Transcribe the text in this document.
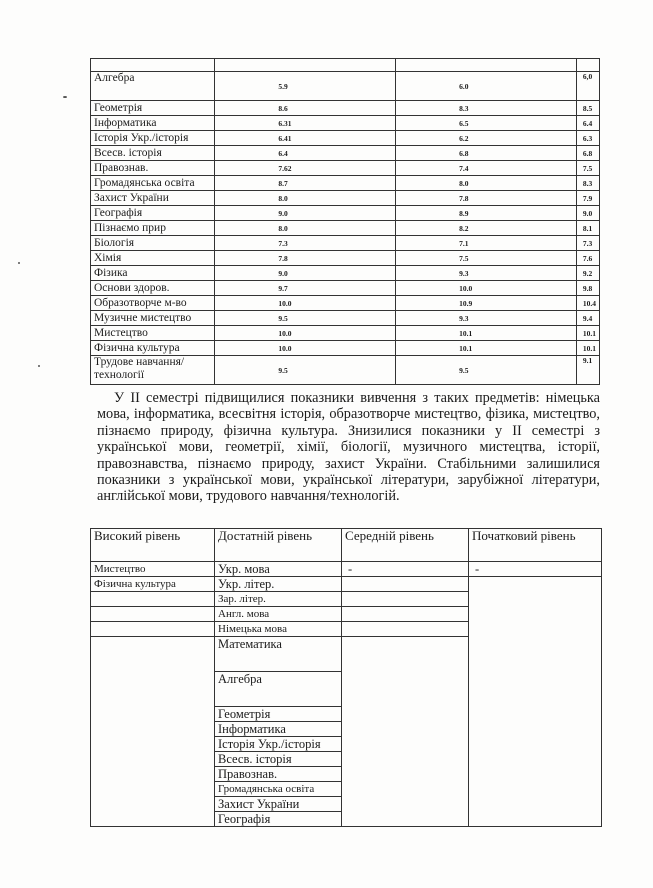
Алгебра	5.9	6.0	6,0
Геометрія	8.6	8.3	8.5
Інформатика	6.31	6.5	6.4
Історія Укр./історія	6.41	6.2	6.3
Всесв. історія	6.4	6.8	6.8
Правознав.	7.62	7.4	7.5
Громадянська освіта	8.7	8.0	8.3
Захист України	8.0	7.8	7.9
Географія	9.0	8.9	9.0
Пізнаємо прир	8.0	8.2	8.1
Біологія	7.3	7.1	7.3
Хімія	7.8	7.5	7.6
Фізика	9.0	9.3	9.2
Основи здоров.	9.7	10.0	9.8
Образотворче м-во	10.0	10.9	10.4
Музичне мистецтво	9.5	9.3	9.4
Мистецтво	10.0	10.1	10.1
Фізична культура	10.0	10.1	10.1
Трудове навчання/технології	9.5	9.5	9.1
У ІІ семестрі підвищилися показники вивчення з таких предметів: німецька мова, інформатика, всесвітня історія, образотворче мистецтво, фізика, мистецтво, пізнаємо природу, фізична культура. Знизилися показники у ІІ семестрі з української мови, геометрії, хімії, біології, музичного мистецтва, історії, правознавства, пізнаємо природу, захист України. Стабільними залишилися показники з української мови, української літератури, зарубіжної літератури, англійської мови, трудового навчання/технологій.
Високий рівень	Достатній рівень	Середній рівень	Початковий рівень
Мистецтво	Укр. мова	-	-
Фізична культура	Укр. літер.		
	Зар. літер.		
	Англ. мова		
	Німецька мова		
	Математика		
	Алгебра		
	Геометрія		
	Інформатика		
	Історія Укр./історія		
	Всесв. історія		
	Правознав.		
	Громадянська освіта		
	Захист України		
	Географія		
